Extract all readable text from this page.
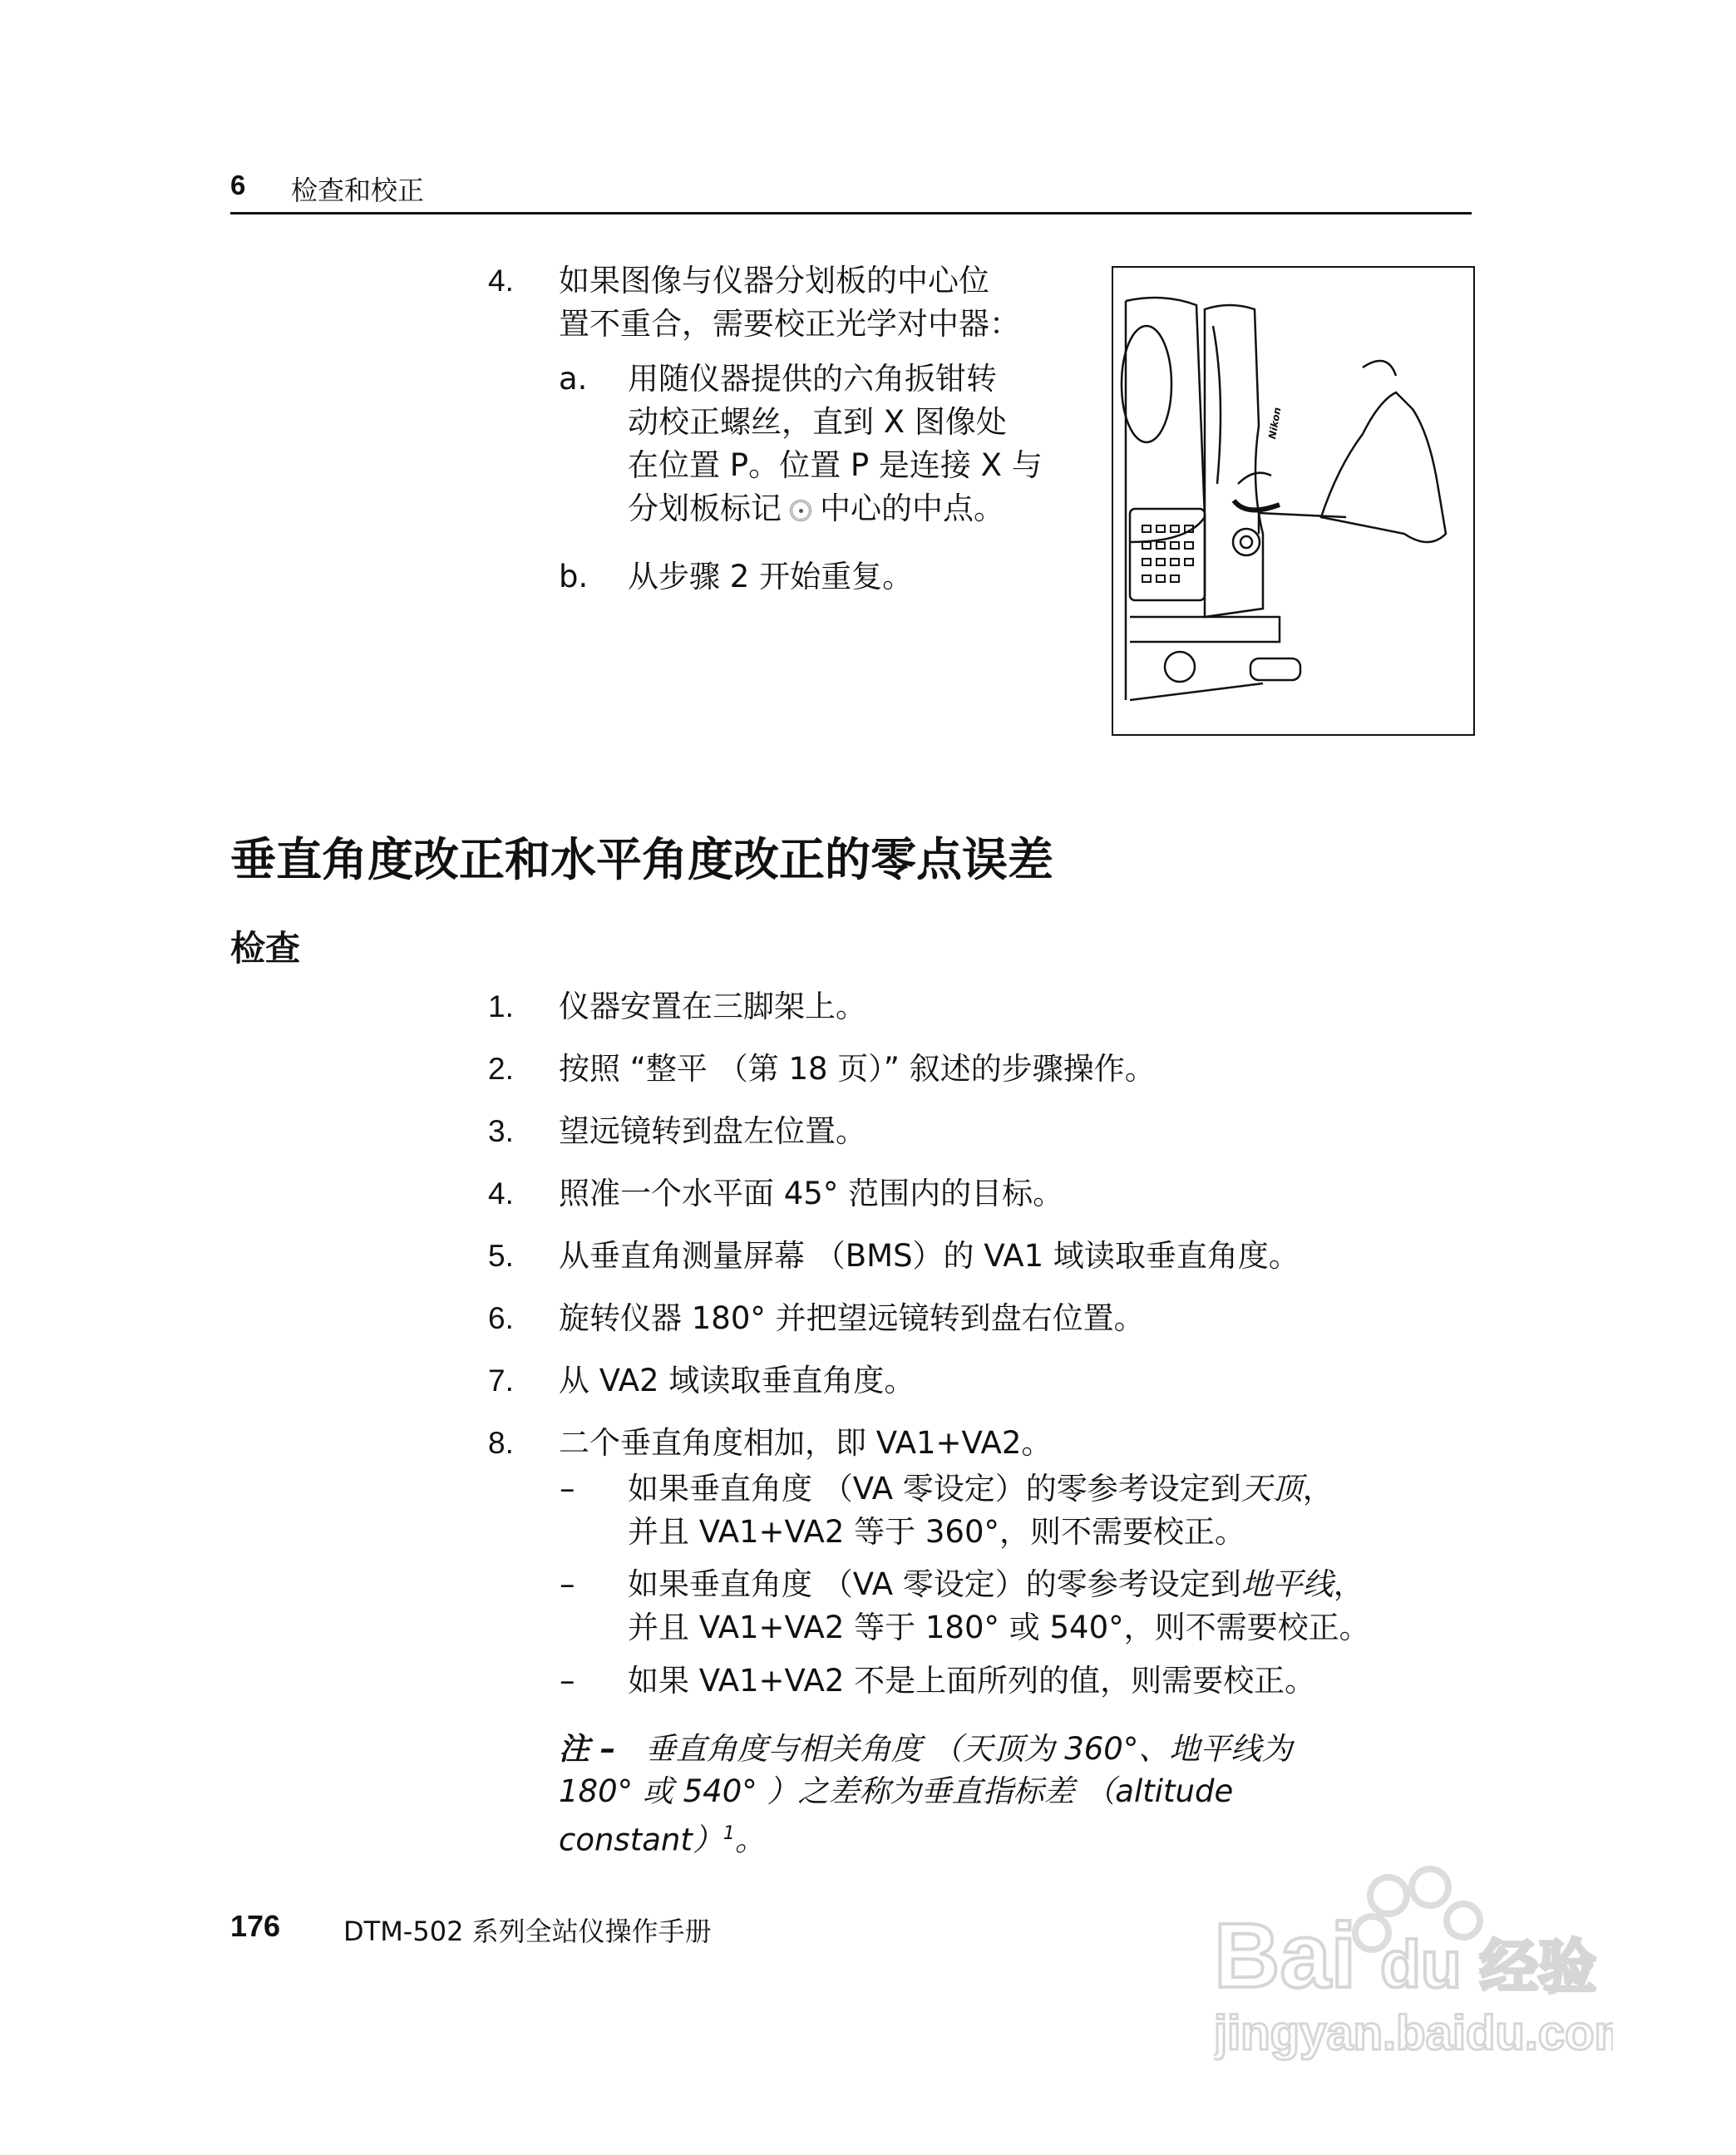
6 检查和校正
4. 如果图像与仪器分划板的中心位
置不重合，需要校正光学对中器：
a. 用随仪器提供的六角扳钳转
动校正螺丝，直到 X 图像处
在位置 P。位置 P 是连接 X 与
分划板标记 中心的中点。
b. 从步骤 2 开始重复。
Nikon
垂直角度改正和水平角度改正的零点误差
检查
1. 仪器安置在三脚架上。
2. 按照 “整平 （第 18 页）” 叙述的步骤操作。
3. 望远镜转到盘左位置。
4. 照准一个水平面 45° 范围内的目标。
5. 从垂直角测量屏幕 （BMS）的 VA1 域读取垂直角度。
6. 旋转仪器 180° 并把望远镜转到盘右位置。
7. 从 VA2 域读取垂直角度。
8. 二个垂直角度相加，即 VA1+VA2。
– 如果垂直角度 （VA 零设定）的零参考设定到天顶，
并且 VA1+VA2 等于 360°，则不需要校正。
– 如果垂直角度 （VA 零设定）的零参考设定到地平线，
并且 VA1+VA2 等于 180° 或 540°，则不需要校正。
– 如果 VA1+VA2 不是上面所列的值，则需要校正。
注 – 垂直角度与相关角度 （天顶为 360°、地平线为
180° 或 540° ）之差称为垂直指标差 （altitude
constant）$^1$。
176 DTM-502 系列全站仪操作手册	Bai du 经验
jingyan.baidu.com
